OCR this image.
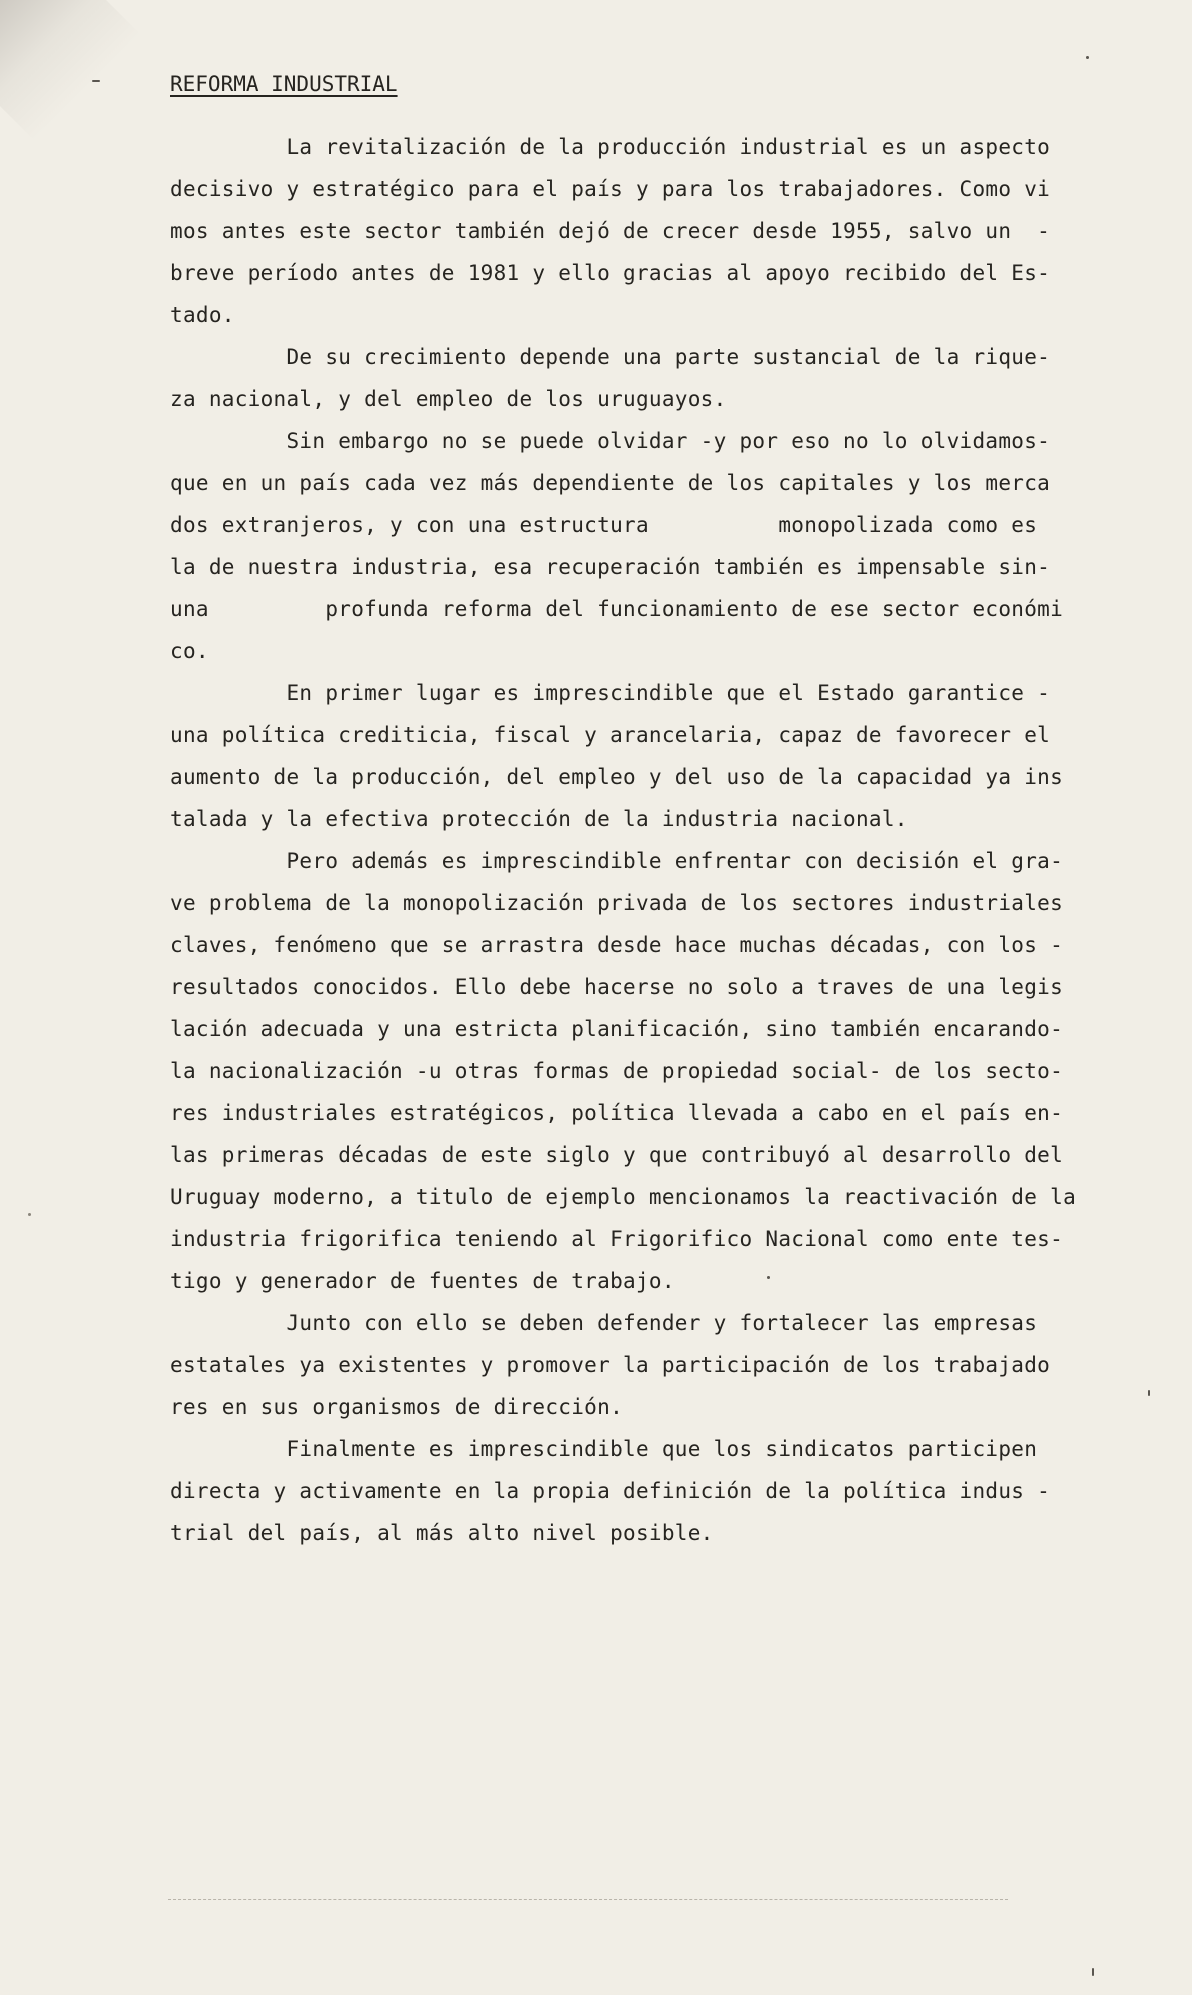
REFORMA INDUSTRIAL
La revitalización de la producción industrial es un aspecto
decisivo y estratégico para el país y para los trabajadores. Como vi
mos antes este sector también dejó de crecer desde 1955, salvo un  -
breve período antes de 1981 y ello gracias al apoyo recibido del Es-
tado.
De su crecimiento depende una parte sustancial de la rique-
za nacional, y del empleo de los uruguayos.
Sin embargo no se puede olvidar -y por eso no lo olvidamos-
que en un país cada vez más dependiente de los capitales y los merca
dos extranjeros, y con una estructura          monopolizada como es
la de nuestra industria, esa recuperación también es impensable sin-
una         profunda reforma del funcionamiento de ese sector económi
co.
En primer lugar es imprescindible que el Estado garantice -
una política crediticia, fiscal y arancelaria, capaz de favorecer el
aumento de la producción, del empleo y del uso de la capacidad ya ins
talada y la efectiva protección de la industria nacional.
Pero además es imprescindible enfrentar con decisión el gra-
ve problema de la monopolización privada de los sectores industriales
claves, fenómeno que se arrastra desde hace muchas décadas, con los -
resultados conocidos. Ello debe hacerse no solo a traves de una legis
lación adecuada y una estricta planificación, sino también encarando-
la nacionalización -u otras formas de propiedad social- de los secto-
res industriales estratégicos, política llevada a cabo en el país en-
las primeras décadas de este siglo y que contribuyó al desarrollo del
Uruguay moderno, a titulo de ejemplo mencionamos la reactivación de la
industria frigorifica teniendo al Frigorifico Nacional como ente tes-
tigo y generador de fuentes de trabajo.
Junto con ello se deben defender y fortalecer las empresas
estatales ya existentes y promover la participación de los trabajado
res en sus organismos de dirección.
Finalmente es imprescindible que los sindicatos participen
directa y activamente en la propia definición de la política indus -
trial del país, al más alto nivel posible.
